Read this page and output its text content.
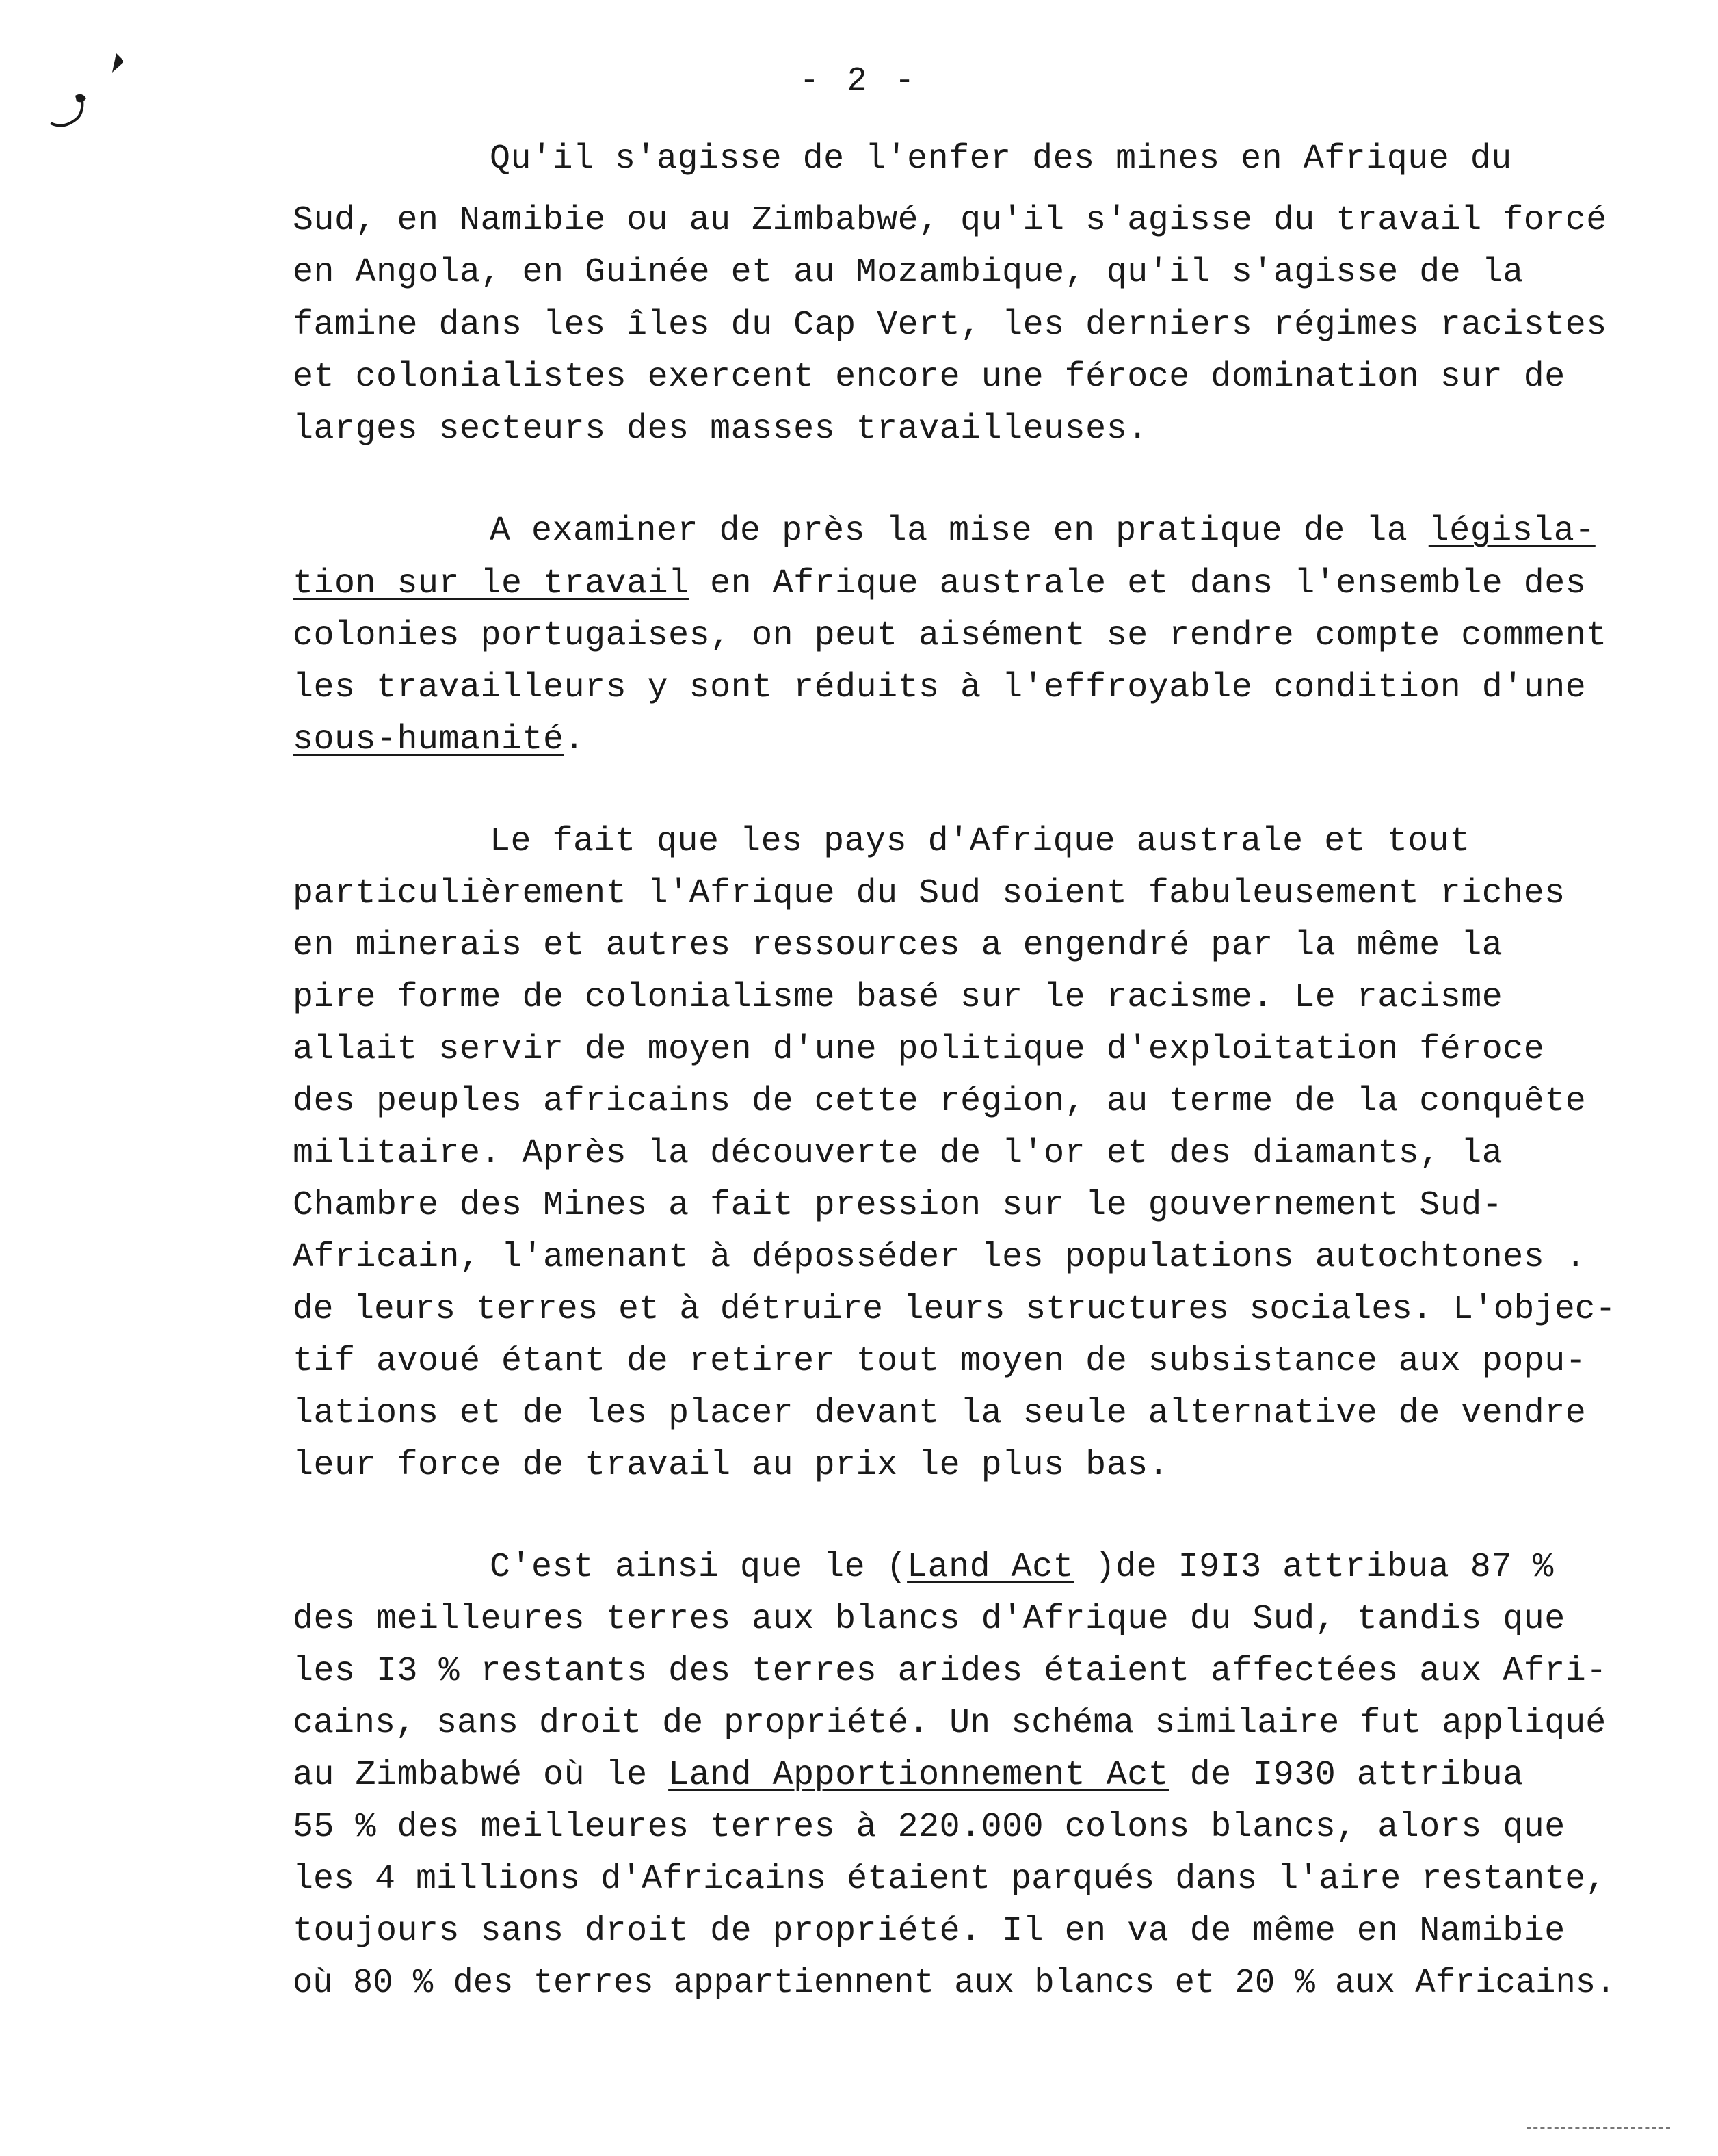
- 2 -
Qu'il s'agisse de l'enfer des mines en Afrique du
Sud, en Namibie ou au Zimbabwé, qu'il s'agisse du travail forcé
en Angola, en Guinée et au Mozambique, qu'il s'agisse de la
famine dans les îles du Cap Vert, les derniers régimes racistes
et colonialistes exercent encore une féroce domination sur de
larges secteurs des masses travailleuses.
A examiner de près la mise en pratique de la législa-
tion sur le travail en Afrique australe et dans l'ensemble des
colonies portugaises, on peut aisément se rendre compte comment
les travailleurs y sont réduits à l'effroyable condition d'une
sous-humanité.
Le fait que les pays d'Afrique australe et tout
particulièrement l'Afrique du Sud soient fabuleusement riches
en minerais et autres ressources a engendré par la même la
pire forme de colonialisme basé sur le racisme. Le racisme
allait servir de moyen d'une politique d'exploitation féroce
des peuples africains de cette région, au terme de la conquête
militaire. Après la découverte de l'or et des diamants, la
Chambre des Mines a fait pression sur le gouvernement Sud-
Africain, l'amenant à déposséder les populations autochtones .
de leurs terres et à détruire leurs structures sociales. L'objec-
tif avoué étant de retirer tout moyen de subsistance aux popu-
lations et de les placer devant la seule alternative de vendre
leur force de travail au prix le plus bas.
C'est ainsi que le (Land Act )de I9I3 attribua 87 %
des meilleures terres aux blancs d'Afrique du Sud, tandis que
les I3 % restants des terres arides étaient affectées aux Afri-
cains, sans droit de propriété. Un schéma similaire fut appliqué
au Zimbabwé où le Land Apportionnement Act de I930 attribua
55 % des meilleures terres à 220.000 colons blancs, alors que
les 4 millions d'Africains étaient parqués dans l'aire restante,
toujours sans droit de propriété. Il en va de même en Namibie
où 80 % des terres appartiennent aux blancs et 20 % aux Africains.
